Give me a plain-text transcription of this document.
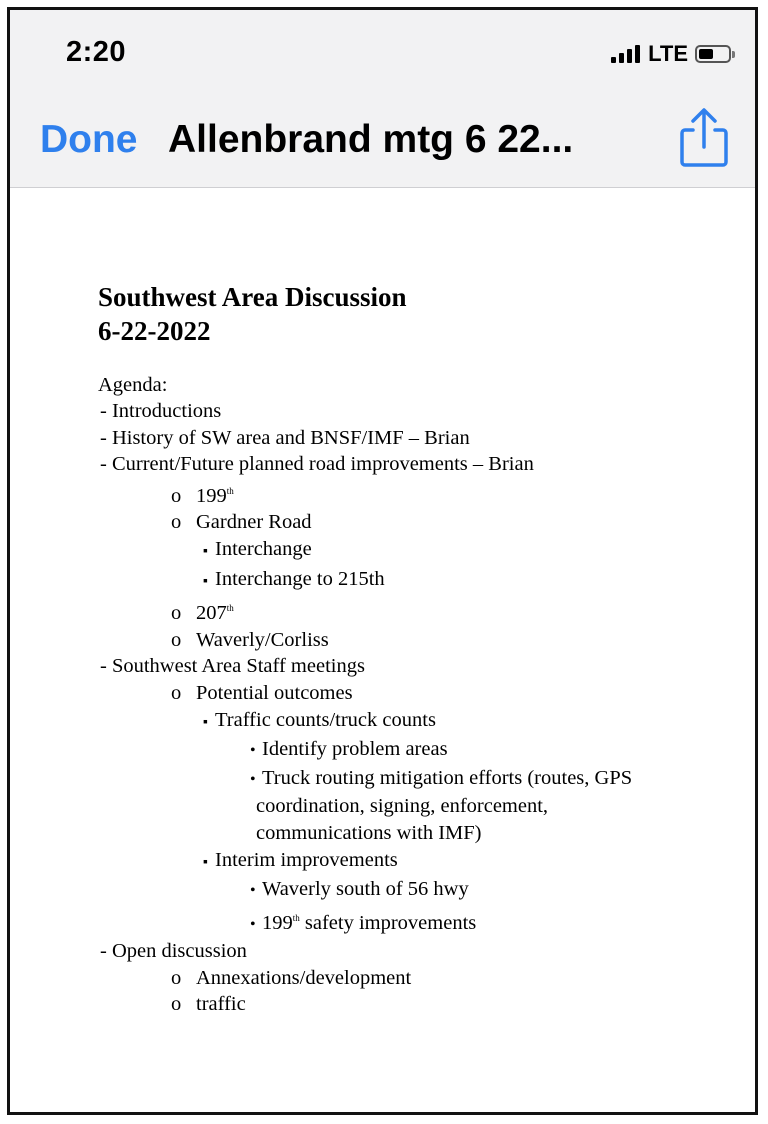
2:20	LTE
Done Allenbrand mtg 6 22...
Southwest Area Discussion
6-22-2022
Agenda:
- Introductions
- History of SW area and BNSF/IMF – Brian
- Current/Future planned road improvements – Brian
o 199th
o Gardner Road
▪ Interchange
▪ Interchange to 215th
o 207th
o Waverly/Corliss
- Southwest Area Staff meetings
o Potential outcomes
▪ Traffic counts/truck counts
• Identify problem areas
• Truck routing mitigation efforts (routes, GPS
coordination, signing, enforcement,
communications with IMF)
▪ Interim improvements
• Waverly south of 56 hwy
• 199th safety improvements
- Open discussion
o Annexations/development
o traffic
